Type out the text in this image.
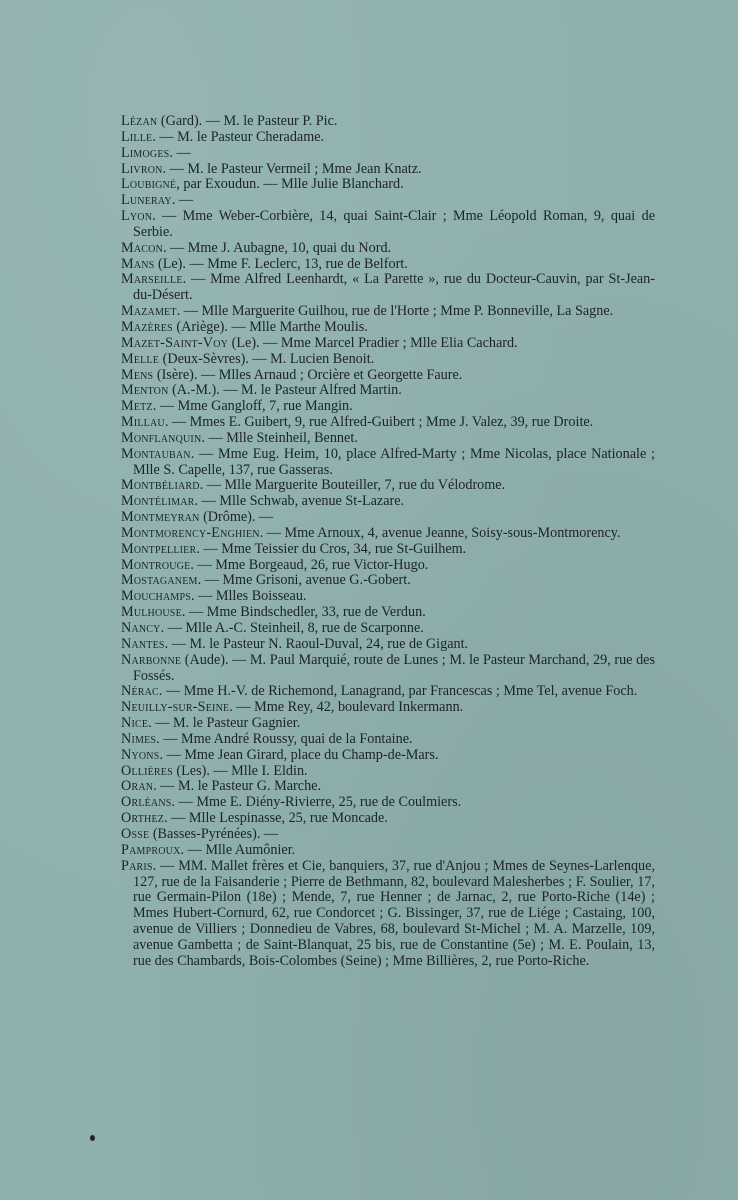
Lézan (Gard). — M. le Pasteur P. Pic.
Lille. — M. le Pasteur Cheradame.
Limoges. —
Livron. — M. le Pasteur Vermeil ; Mme Jean Knatz.
Loubigné, par Exoudun. — Mlle Julie Blanchard.
Luneray. —
Lyon. — Mme Weber-Corbière, 14, quai Saint-Clair ; Mme Léopold Roman, 9, quai de Serbie.
Macon. — Mme J. Aubagne, 10, quai du Nord.
Mans (Le). — Mme F. Leclerc, 13, rue de Belfort.
Marseille. — Mme Alfred Leenhardt, « La Parette », rue du Docteur-Cauvin, par St-Jean-du-Désert.
Mazamet. — Mlle Marguerite Guilhou, rue de l'Horte ; Mme P. Bonneville, La Sagne.
Mazères (Ariège). — Mlle Marthe Moulis.
Mazet-Saint-Voy (Le). — Mme Marcel Pradier ; Mlle Elia Cachard.
Melle (Deux-Sèvres). — M. Lucien Benoit.
Mens (Isère). — Mlles Arnaud ; Orcière et Georgette Faure.
Menton (A.-M.). — M. le Pasteur Alfred Martin.
Metz. — Mme Gangloff, 7, rue Mangin.
Millau. — Mmes E. Guibert, 9, rue Alfred-Guibert ; Mme J. Valez, 39, rue Droite.
Monflanquin. — Mlle Steinheil, Bennet.
Montauban. — Mme Eug. Heim, 10, place Alfred-Marty ; Mme Nicolas, place Nationale ; Mlle S. Capelle, 137, rue Gasseras.
Montbéliard. — Mlle Marguerite Bouteiller, 7, rue du Vélodrome.
Montélimar. — Mlle Schwab, avenue St-Lazare.
Montmeyran (Drôme). —
Montmorency-Enghien. — Mme Arnoux, 4, avenue Jeanne, Soisy-sous-Montmorency.
Montpellier. — Mme Teissier du Cros, 34, rue St-Guilhem.
Montrouge. — Mme Borgeaud, 26, rue Victor-Hugo.
Mostaganem. — Mme Grisoni, avenue G.-Gobert.
Mouchamps. — Mlles Boisseau.
Mulhouse. — Mme Bindschedler, 33, rue de Verdun.
Nancy. — Mlle A.-C. Steinheil, 8, rue de Scarponne.
Nantes. — M. le Pasteur N. Raoul-Duval, 24, rue de Gigant.
Narbonne (Aude). — M. Paul Marquié, route de Lunes ; M. le Pasteur Marchand, 29, rue des Fossés.
Nérac. — Mme H.-V. de Richemond, Lanagrand, par Francescas ; Mme Tel, avenue Foch.
Neuilly-sur-Seine. — Mme Rey, 42, boulevard Inkermann.
Nice. — M. le Pasteur Gagnier.
Nimes. — Mme André Roussy, quai de la Fontaine.
Nyons. — Mme Jean Girard, place du Champ-de-Mars.
Ollières (Les). — Mlle I. Eldin.
Oran. — M. le Pasteur G. Marche.
Orléans. — Mme E. Diény-Rivierre, 25, rue de Coulmiers.
Orthez. — Mlle Lespinasse, 25, rue Moncade.
Osse (Basses-Pyrénées). —
Pamproux. — Mlle Aumônier.
Paris. — MM. Mallet frères et Cie, banquiers, 37, rue d'Anjou ; Mmes de Seynes-Larlenque, 127, rue de la Faisanderie ; Pierre de Bethmann, 82, boulevard Malesherbes ; F. Soulier, 17, rue Germain-Pilon (18e) ; Mende, 7, rue Henner ; de Jarnac, 2, rue Porto-Riche (14e) ; Mmes Hubert-Cornurd, 62, rue Condorcet ; G. Bissinger, 37, rue de Liége ; Castaing, 100, avenue de Villiers ; Donnedieu de Vabres, 68, boulevard St-Michel ; M. A. Marzelle, 109, avenue Gambetta ; de Saint-Blanquat, 25 bis, rue de Constantine (5e) ; M. E. Poulain, 13, rue des Chambards, Bois-Colombes (Seine) ; Mme Billières, 2, rue Porto-Riche.
